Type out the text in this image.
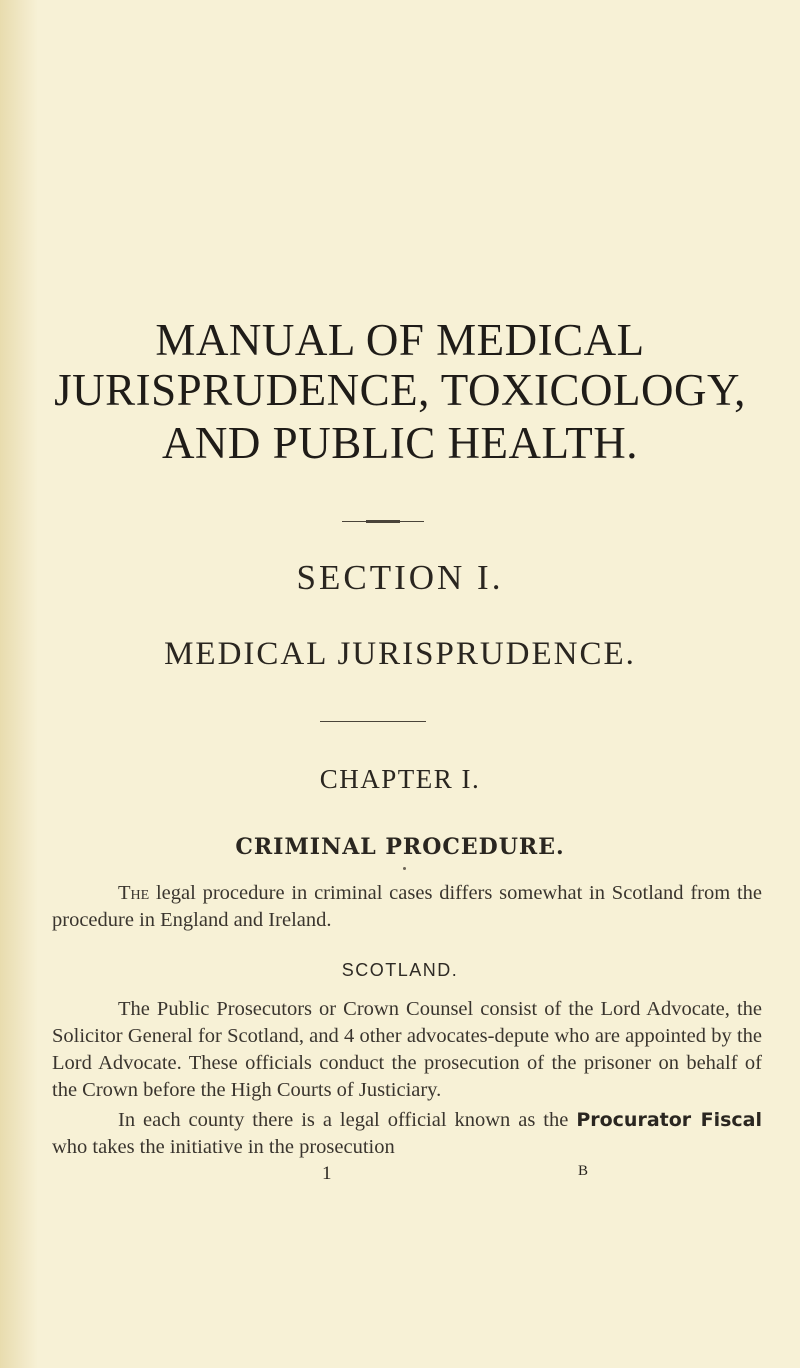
MANUAL OF MEDICAL
JURISPRUDENCE, TOXICOLOGY,
AND PUBLIC HEALTH.
SECTION I.
MEDICAL JURISPRUDENCE.
CHAPTER I.
CRIMINAL PROCEDURE.

The legal procedure in criminal cases differs somewhat in Scotland from the procedure in England and Ireland.

SCOTLAND.

The Public Prosecutors or Crown Counsel consist of the Lord Advocate, the Solicitor General for Scotland, and 4 other advocates-depute who are appointed by the Lord Advocate. These officials conduct the prosecution of the prisoner on behalf of the Crown before the High Courts of Justiciary.

In each county there is a legal official known as the Procurator Fiscal who takes the initiative in the prosecution

1	B
